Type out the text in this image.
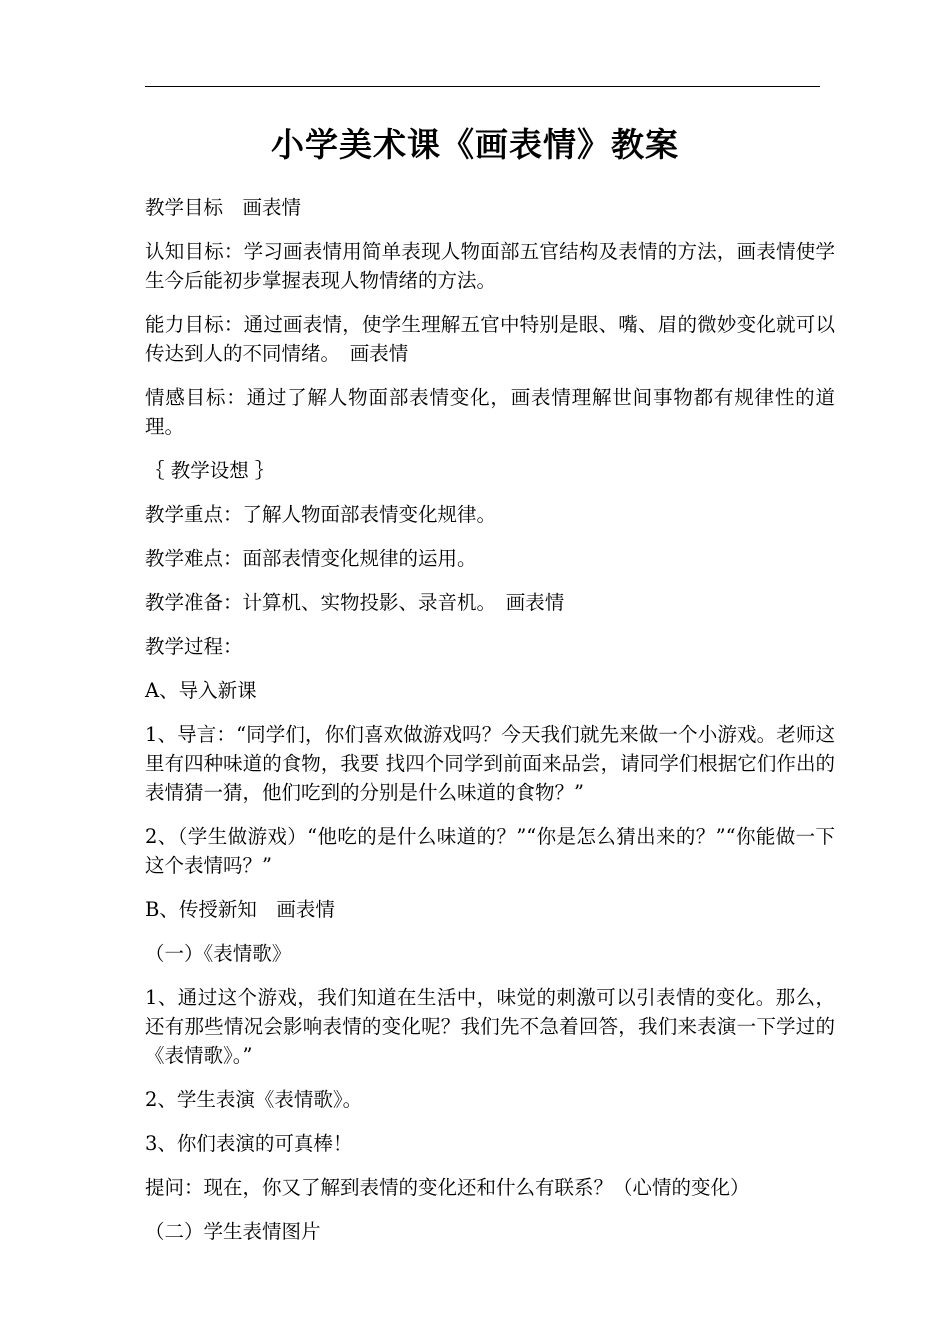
小学美术课《画表情》教案

教学目标　画表情

认知目标：学习画表情用简单表现人物面部五官结构及表情的方法，画表情使学生今后能初步掌握表现人物情绪的方法。

能力目标：通过画表情，使学生理解五官中特别是眼、嘴、眉的微妙变化就可以传达到人的不同情绪。　画表情

情感目标：通过了解人物面部表情变化，画表情理解世间事物都有规律性的道理。

｛ 教学设想 ｝

教学重点：了解人物面部表情变化规律。

教学难点：面部表情变化规律的运用。

教学准备：计算机、实物投影、录音机。　画表情

教学过程：

A、导入新课

1、导言：“同学们，你们喜欢做游戏吗？今天我们就先来做一个小游戏。老师这里有四种味道的食物，我要 找四个同学到前面来品尝，请同学们根据它们作出的表情猜一猜，他们吃到的分别是什么味道的食物？”

2、（学生做游戏）“他吃的是什么味道的？”“你是怎么猜出来的？”“你能做一下这个表情吗？”

B、传授新知　画表情

（一）《表情歌》

1、通过这个游戏，我们知道在生活中，味觉的刺激可以引表情的变化。那么，还有那些情况会影响表情的变化呢？我们先不急着回答，我们来表演一下学过的《表情歌》。”

2、学生表演《表情歌》。

3、你们表演的可真棒！

提问：现在，你又了解到表情的变化还和什么有联系？（心情的变化）

（二）学生表情图片
